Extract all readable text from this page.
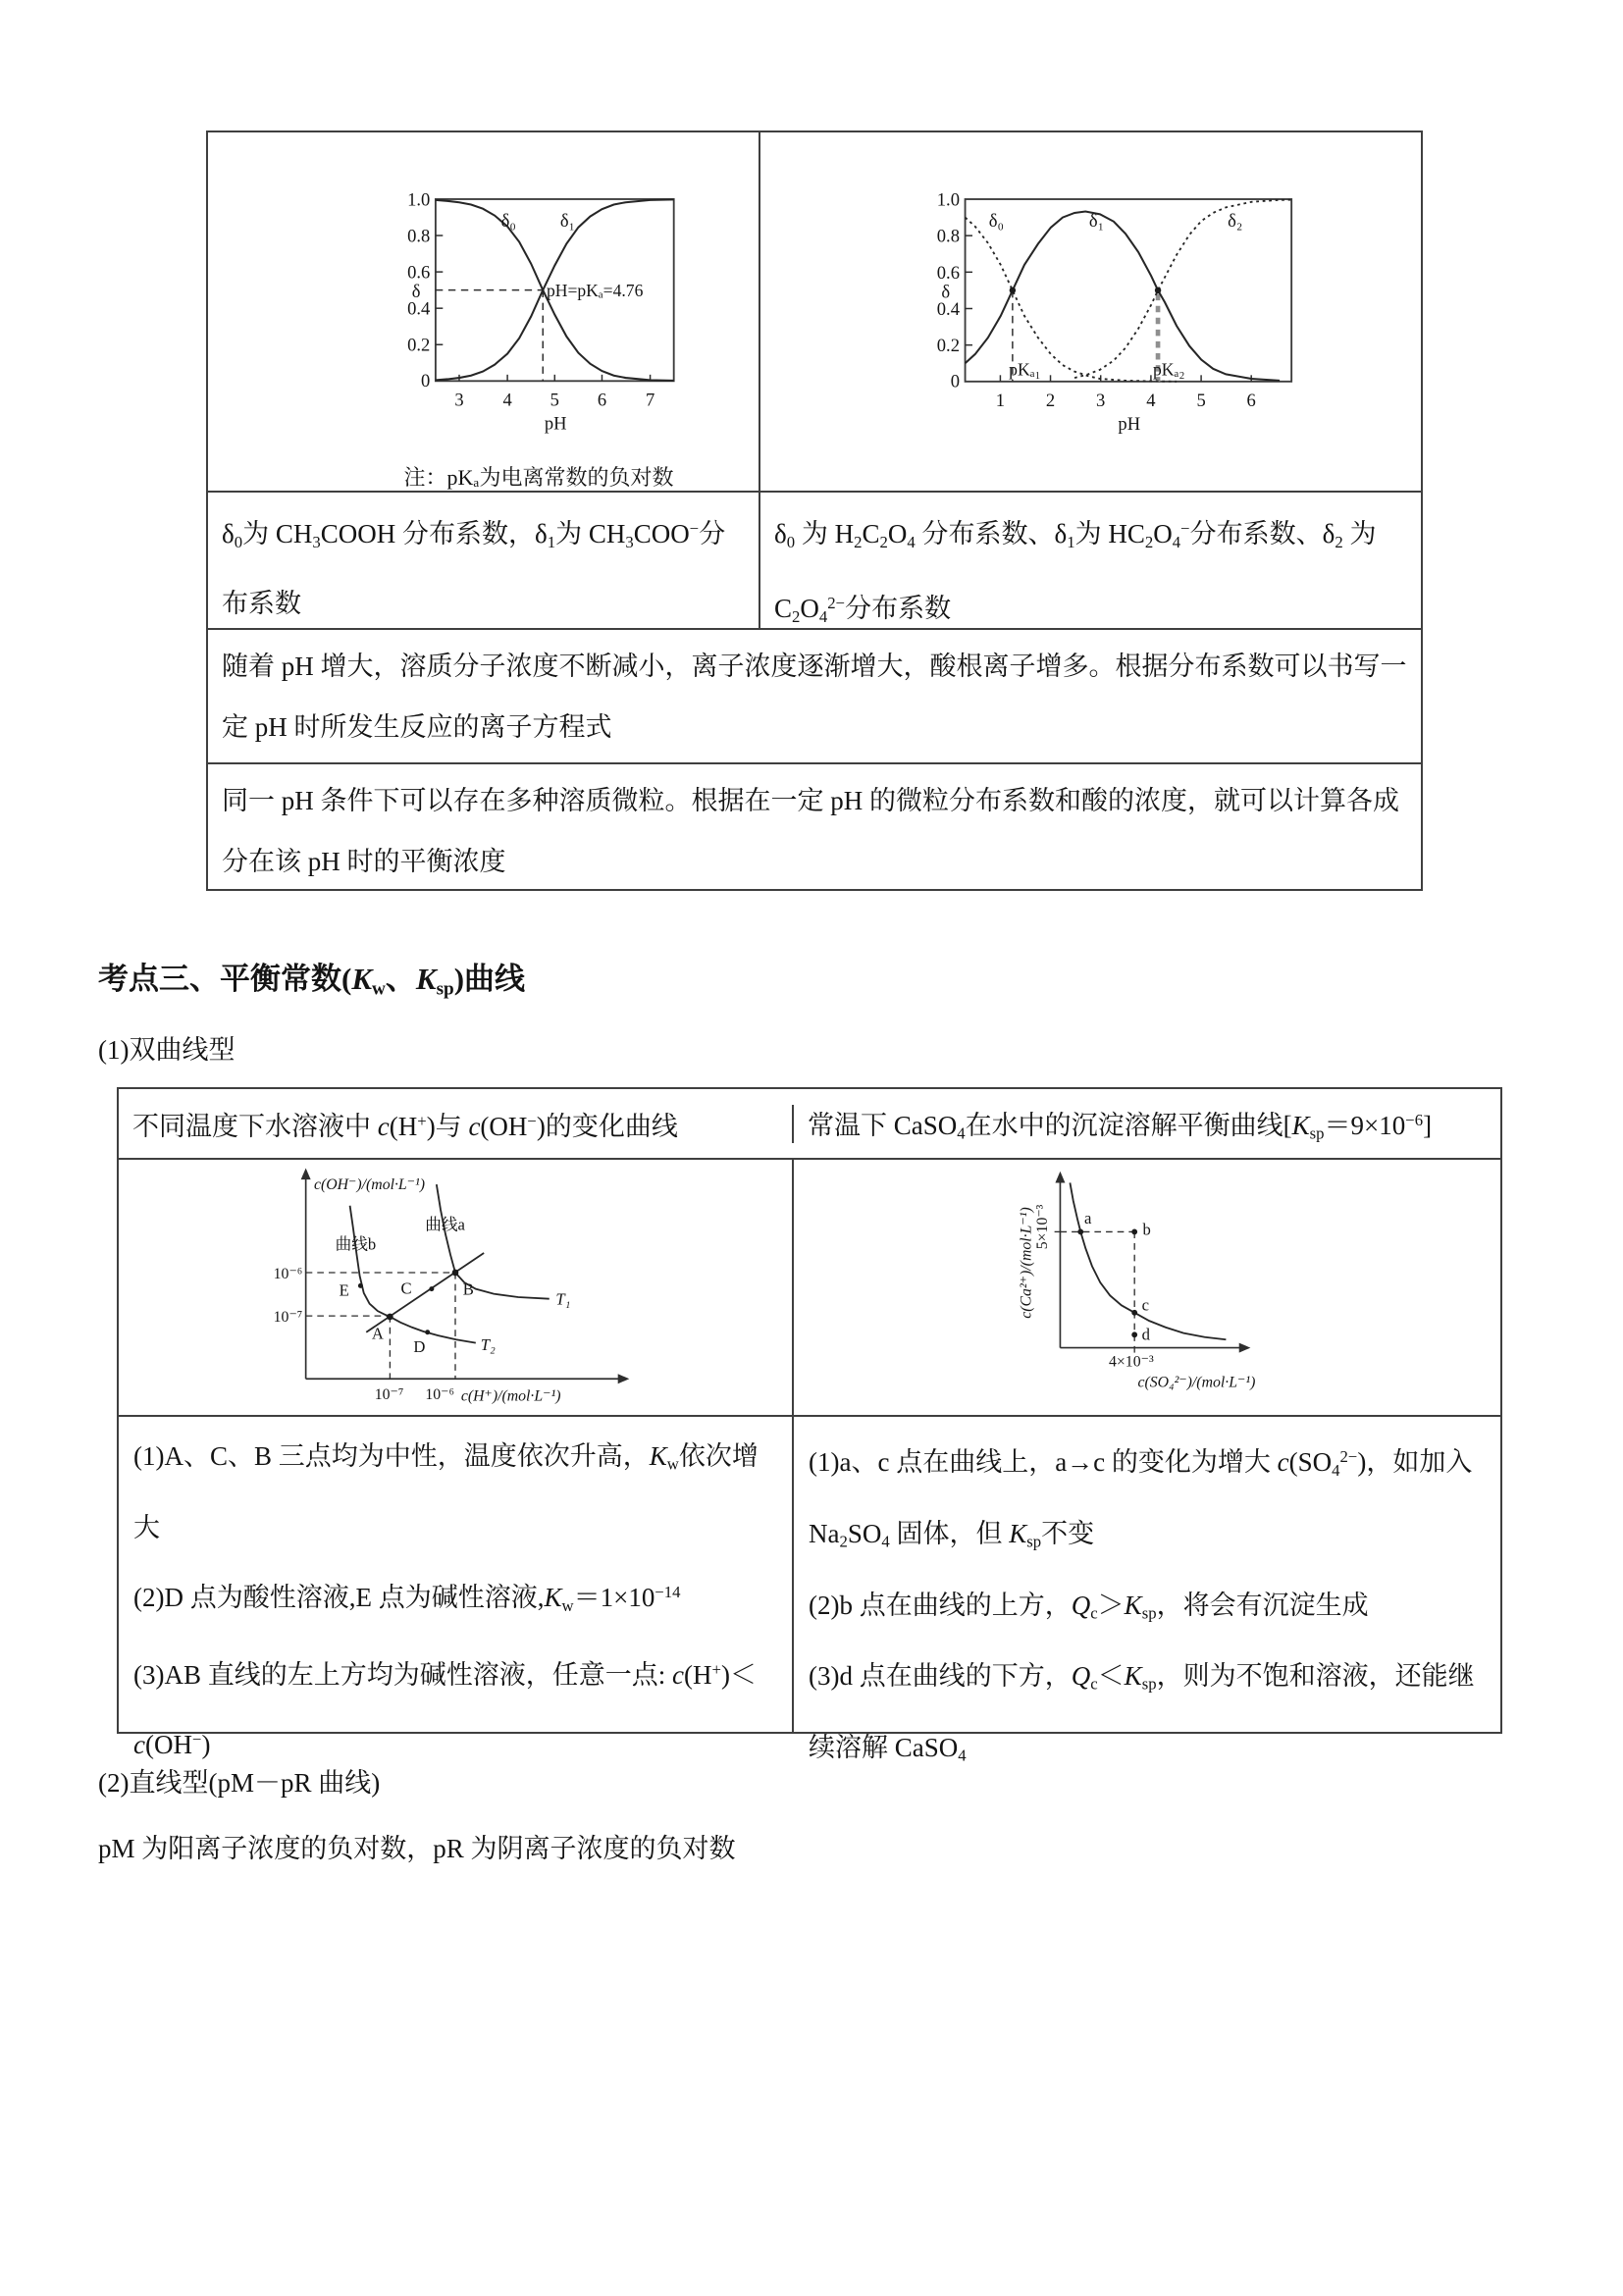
1.0
0.8
0.6
0.4
0.2
0
3 4 5 6 7
δ
pH
δ₀ δ₁
pH=pKₐ=4.76
注：pKₐ为电离常数的负对数
1.0
0.8
0.6
0.4
0.2
0
1 2 3 4 5 6
δ
pH
δ₀	δ₁	δ₂
pKₐ₁	pKₐ₂
$\delta_0$为 $CH_3COOH$ 分布系数，$\delta_1$为 $CH_3COO^-$分布系数
$\delta_0$ 为 $H_2C_2O_4$ 分布系数、$\delta_1$为 $HC_2O_4^-$分布系数、$\delta_2$ 为 $C_2O_4^{2-}$分布系数
随着 pH 增大，溶质分子浓度不断减小，离子浓度逐渐增大，酸根离子增多。根据分布系数可以书写一定 pH 时所发生反应的离子方程式
同一 pH 条件下可以存在多种溶质微粒。根据在一定 pH 的微粒分布系数和酸的浓度，就可以计算各成分在该 pH 时的平衡浓度
考点三、平衡常数($K_w$、$K_{sp}$)曲线
(1)双曲线型
不同温度下水溶液中 c(H+)与 c(OH−)的变化曲线	常温下 CaSO$_4$在水中的沉淀溶解平衡曲线$[K_{sp}=9\times 10^{-6}]$
c(OH⁻)/(mol·L⁻¹)
c(H⁺)/(mol·L⁻¹)
曲线a
曲线b
10⁻⁶
10⁻⁷
10⁻⁷ 10⁻⁶
A
B
C
D
E	T₁
T₂
c(Ca²⁺)/(mol·L⁻¹) 5×10⁻³
4×10⁻³
c(SO₄²⁻)/(mol·L⁻¹)
a
b
c
d
(1)A、C、B 三点均为中性，温度依次升高，$K_w$依次增大
(2)D 点为酸性溶液,E 点为碱性溶液$,K_w=1\times 10^{-14}$
(3)AB 直线的左上方均为碱性溶液，任意一点: c(H+)＜c(OH−)
(1)a、c 点在曲线上，a→c 的变化为增大 $c(SO_4^{2-})$，如加入 $Na_2SO_4$ 固体，但 $K_{sp}$不变
(2)b 点在曲线的上方，$Q_c>K_{sp}$，将会有沉淀生成
(3)d 点在曲线的下方，$Q_c<K_{sp}$，则为不饱和溶液，还能继续溶解 CaSO$_4$
(2)直线型(pM－pR 曲线)
pM 为阳离子浓度的负对数，pR 为阴离子浓度的负对数
